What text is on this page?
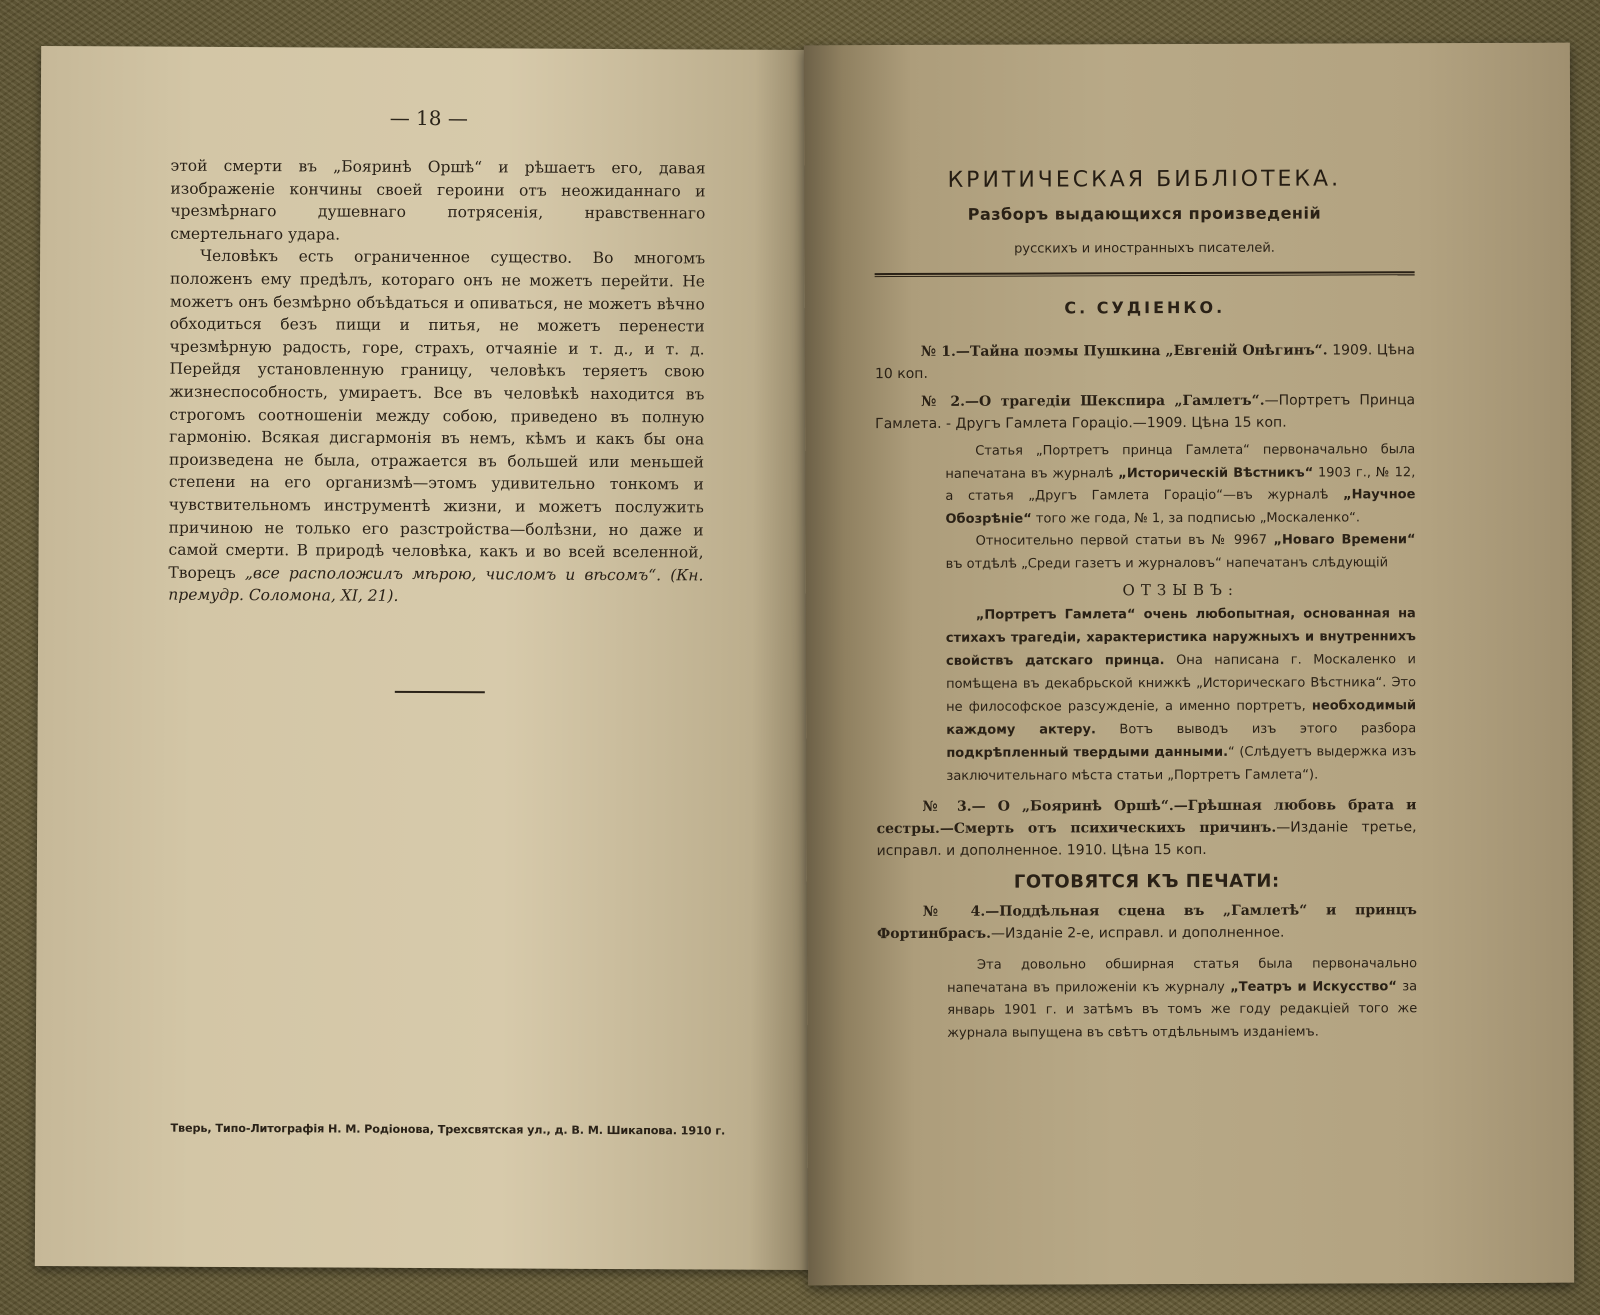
— 18 —

этой смерти въ „Бояринѣ Оршѣ“ и рѣшаетъ его, давая изображеніе кончины своей героини отъ неожиданнаго и чрезмѣрнаго душевнаго потрясенія, нравственнаго смертельнаго удара.

Человѣкъ есть ограниченное существо. Во многомъ положенъ ему предѣлъ, котораго онъ не можетъ перейти. Не можетъ онъ безмѣрно объѣдаться и опиваться, не можетъ вѣчно обходиться безъ пищи и питья, не можетъ перенести чрезмѣрную радость, горе, страхъ, отчаяніе и т. д., и т. д. Перейдя установленную границу, человѣкъ теряетъ свою жизнеспособность, умираетъ. Все въ человѣкѣ находится въ строгомъ соотношеніи между собою, приведено въ полную гармонію. Всякая дисгармонія въ немъ, кѣмъ и какъ бы она произведена не была, отражается въ большей или меньшей степени на его организмѣ—этомъ удивительно тонкомъ и чувствительномъ инструментѣ жизни, и можетъ послужить причиною не только его разстройства—болѣзни, но даже и самой смерти. В природѣ человѣка, какъ и во всей вселенной, Творецъ „все расположилъ мѣрою, числомъ и вѣсомъ“. (Кн. премудр. Соломона, XI, 21).

Тверь, Типо-Литографія Н. М. Родіонова, Трехсвятская ул., д. В. М. Шикапова. 1910 г.
КРИТИЧЕСКАЯ БИБЛІОТЕКА.
Разборъ выдающихся произведеній
русскихъ и иностранныхъ писателей.
С. СУДІЕНКО.
№ 1.—Тайна поэмы Пушкина „Евгеній Онѣгинъ“. 1909. Цѣна 10 коп.
№ 2.—О трагедіи Шекспира „Гамлетъ“.—Портретъ Принца Гамлета. - Другъ Гамлета Гораціо.—1909. Цѣна 15 коп.
Статья „Портретъ принца Гамлета“ первоначально была напечатана въ журналѣ „Историческій Вѣстникъ“ 1903 г., № 12, а статья „Другъ Гамлета Гораціо“—въ журналѣ „Научное Обозрѣніе“ того же года, № 1, за подписью „Москаленко“.
Относительно первой статьи въ № 9967 „Новаго Времени“ въ отдѣлѣ „Среди газетъ и журналовъ“ напечатанъ слѣдующій
ОТЗЫВЪ:
„Портретъ Гамлета“ очень любопытная, основанная на стихахъ трагедіи, характеристика наружныхъ и внутреннихъ свойствъ датскаго принца. Она написана г. Москаленко и помѣщена въ декабрьской книжкѣ „Историческаго Вѣстника“. Это не философское разсужденіе, а именно портретъ, необходимый каждому актеру. Вотъ выводъ изъ этого разбора подкрѣпленный твердыми данными.“ (Слѣдуетъ выдержка изъ заключительнаго мѣста статьи „Портретъ Гамлета“).
№ 3.— О „Бояринѣ Оршѣ“.—Грѣшная любовь брата и сестры.—Смерть отъ психическихъ причинъ.—Изданіе третье, исправл. и дополненное. 1910. Цѣна 15 коп.
ГОТОВЯТСЯ КЪ ПЕЧАТИ:
№ 4.—Поддѣльная сцена въ „Гамлетѣ“ и принцъ Фортинбрасъ.—Изданіе 2-е, исправл. и дополненное.
Эта довольно обширная статья была первоначально напечатана въ приложеніи къ журналу „Театръ и Искусство“ за январь 1901 г. и затѣмъ въ томъ же году редакціей того же журнала выпущена въ свѣтъ отдѣльнымъ изданіемъ.
